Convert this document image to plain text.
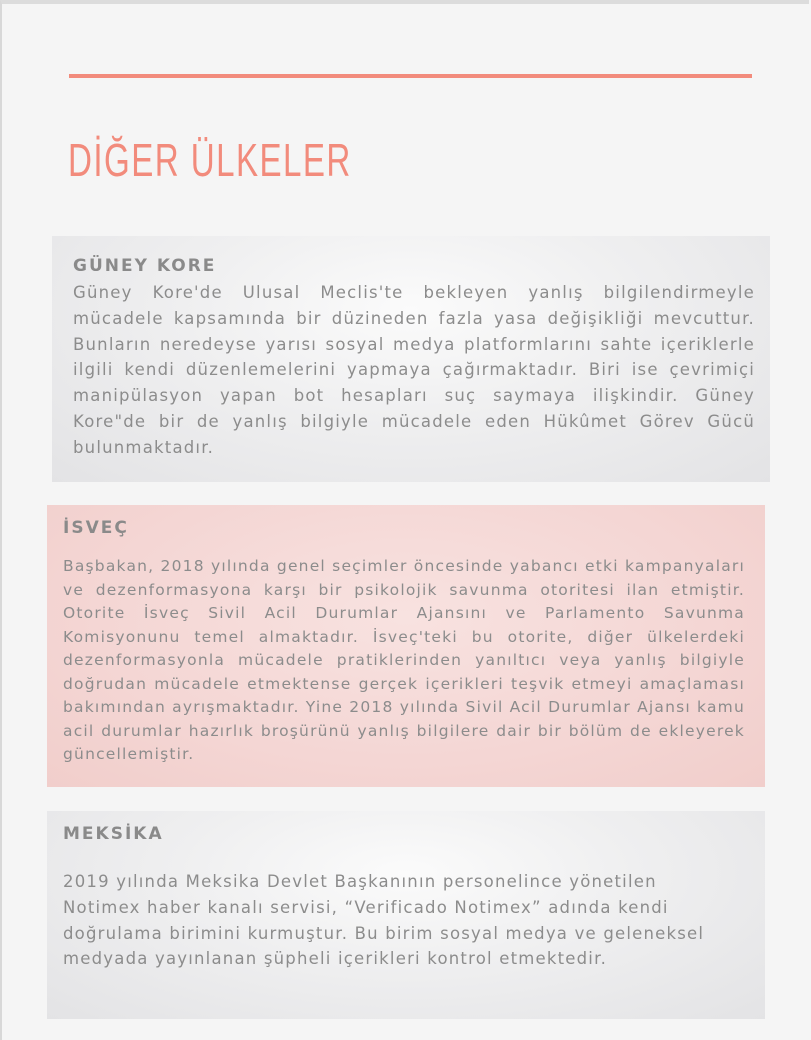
DİĞER ÜLKELER
GÜNEY KORE

Güney Kore'de Ulusal Meclis'te bekleyen yanlış bilgilendirmeyle mücadele kapsamında bir düzineden fazla yasa değişikliği mevcuttur. Bunların neredeyse yarısı sosyal medya platformlarını sahte içeriklerle ilgili kendi düzenlemelerini yapmaya çağırmaktadır. Biri ise çevrimiçi manipülasyon yapan bot hesapları suç saymaya ilişkindir. Güney Kore"de bir de yanlış bilgiyle mücadele eden Hükûmet Görev Gücü bulunmaktadır.

İSVEÇ

Başbakan, 2018 yılında genel seçimler öncesinde yabancı etki kampanyaları ve dezenformasyona karşı bir psikolojik savunma otoritesi ilan etmiştir. Otorite İsveç Sivil Acil Durumlar Ajansını ve Parlamento Savunma Komisyonunu temel almaktadır. İsveç'teki bu otorite, diğer ülkelerdeki dezenformasyonla mücadele pratiklerinden yanıltıcı veya yanlış bilgiyle doğrudan mücadele etmektense gerçek içerikleri teşvik etmeyi amaçlaması bakımından ayrışmaktadır. Yine 2018 yılında Sivil Acil Durumlar Ajansı kamu acil durumlar hazırlık broşürünü yanlış bilgilere dair bir bölüm de ekleyerek güncellemiştir.

MEKSİKA

2019 yılında Meksika Devlet Başkanının personelince yönetilen Notimex haber kanalı servisi, “Verificado Notimex” adında kendi doğrulama birimini kurmuştur. Bu birim sosyal medya ve geleneksel medyada yayınlanan şüpheli içerikleri kontrol etmektedir.
